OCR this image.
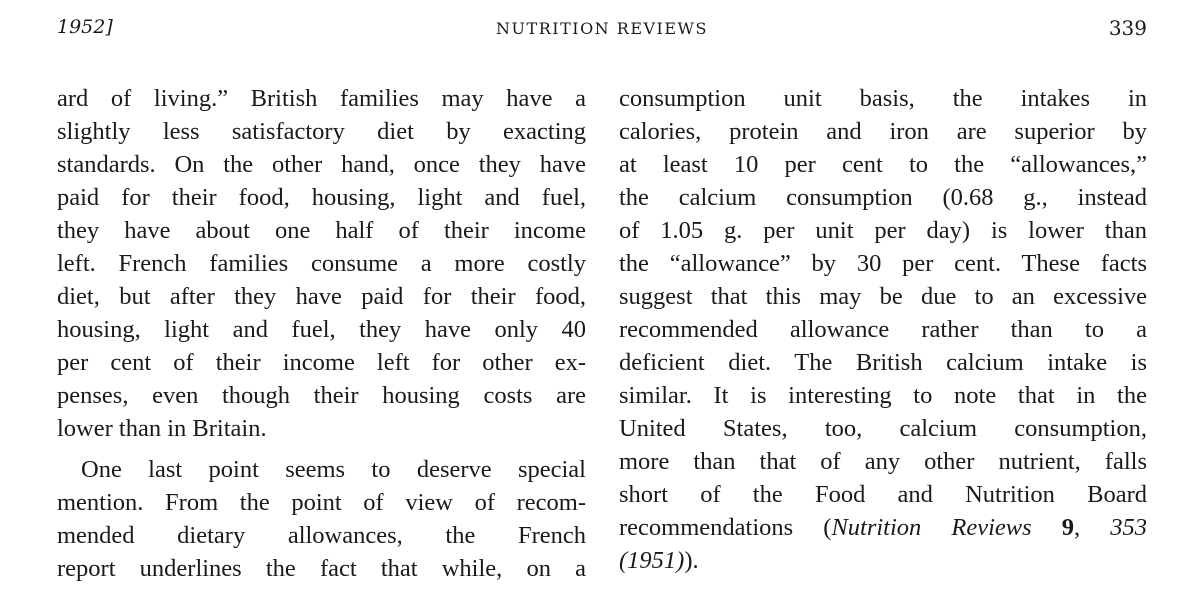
1952]	NUTRITION REVIEWS	339
ard of living.” British families may have a
slightly less satisfactory diet by exacting
standards. On the other hand, once they have
paid for their food, housing, light and fuel,
they have about one half of their income
left. French families consume a more costly
diet, but after they have paid for their food,
housing, light and fuel, they have only 40
per cent of their income left for other ex-
penses, even though their housing costs are
lower than in Britain.
One last point seems to deserve special
mention. From the point of view of recom-
mended dietary allowances, the French
report underlines the fact that while, on a
consumption unit basis, the intakes in
calories, protein and iron are superior by
at least 10 per cent to the “allowances,”
the calcium consumption (0.68 g., instead
of 1.05 g. per unit per day) is lower than
the “allowance” by 30 per cent. These facts
suggest that this may be due to an excessive
recommended allowance rather than to a
deficient diet. The British calcium intake is
similar. It is interesting to note that in the
United States, too, calcium consumption,
more than that of any other nutrient, falls
short of the Food and Nutrition Board
recommendations (Nutrition Reviews 9, 353
(1951)).
